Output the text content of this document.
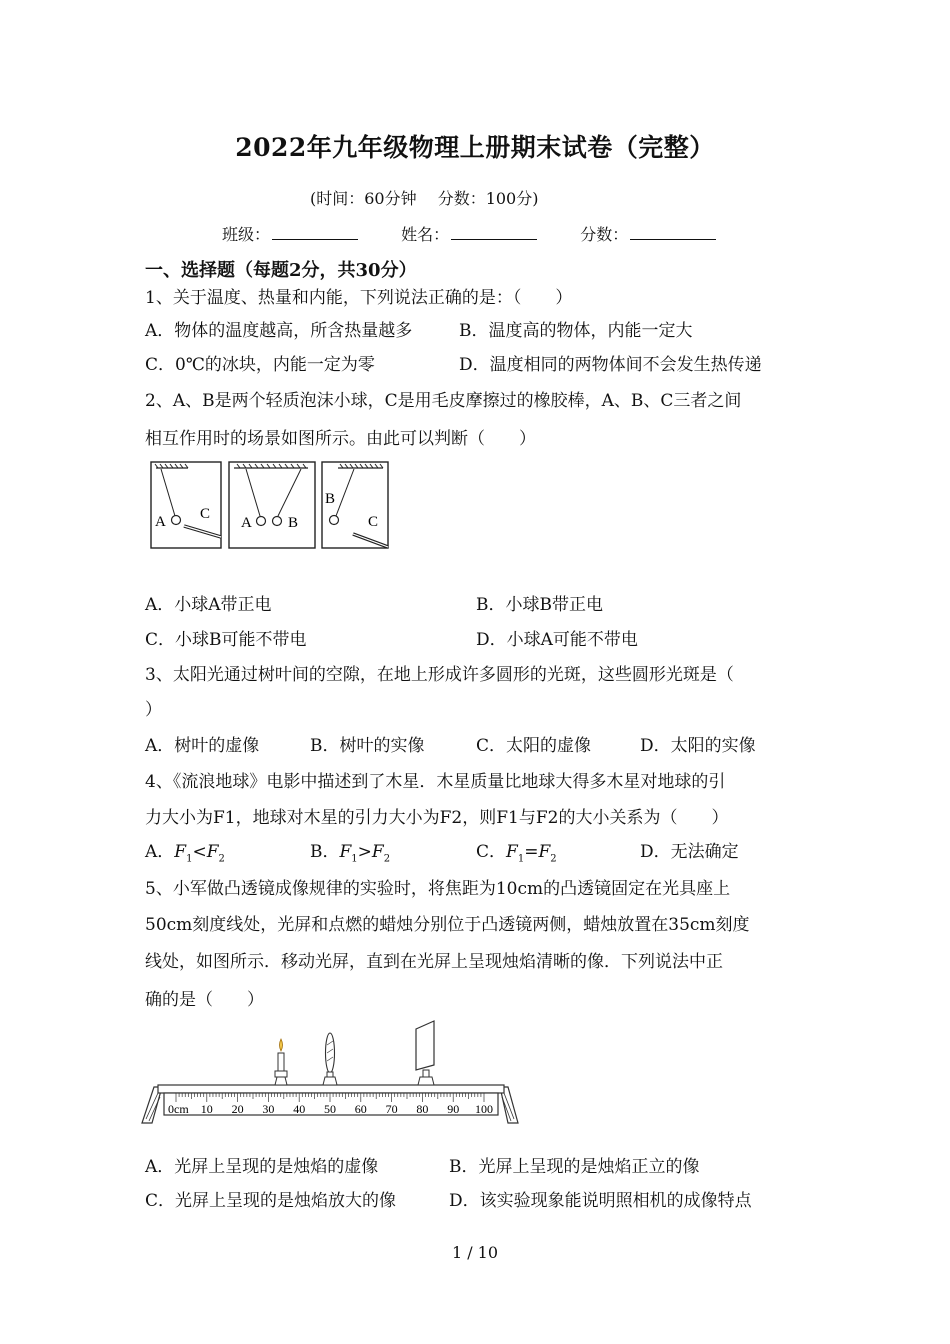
2022年九年级物理上册期末试卷（完整）
(时间：60分钟　 分数：100分)
班级：	姓名：	分数：
一、选择题（每题2分，共30分）
1、关于温度、热量和内能，下列说法正确的是：（　　）
A．物体的温度越高，所含热量越多	B．温度高的物体，内能一定大
C．0℃的冰块，内能一定为零	D．温度相同的两物体间不会发生热传递
2、A、B是两个轻质泡沫小球，C是用毛皮摩擦过的橡胶棒，A、B、C三者之间
相互作用时的场景如图所示。由此可以判断（　　）
A C
A B
B
C
A．小球A带正电	B．小球B带正电
C．小球B可能不带电	D．小球A可能不带电
3、太阳光通过树叶间的空隙，在地上形成许多圆形的光斑，这些圆形光斑是（
）
A．树叶的虚像	B．树叶的实像	C．太阳的虚像	D．太阳的实像
4、《流浪地球》电影中描述到了木星．木星质量比地球大得多木星对地球的引
力大小为F1，地球对木星的引力大小为F2，则F1与F2的大小关系为（　　）
A．$F_1<F_2$	B．$F_1>F_2$	C．$F_1=F_2$	D．无法确定
5、小军做凸透镜成像规律的实验时，将焦距为10cm的凸透镜固定在光具座上
50cm刻度线处，光屏和点燃的蜡烛分别位于凸透镜两侧，蜡烛放置在35cm刻度
线处，如图所示．移动光屏，直到在光屏上呈现烛焰清晰的像．下列说法中正
确的是（　　）
0cm 10 20 30 40 50 60 70 80 90 100
A．光屏上呈现的是烛焰的虚像	B．光屏上呈现的是烛焰正立的像
C．光屏上呈现的是烛焰放大的像	D．该实验现象能说明照相机的成像特点
1 / 10
